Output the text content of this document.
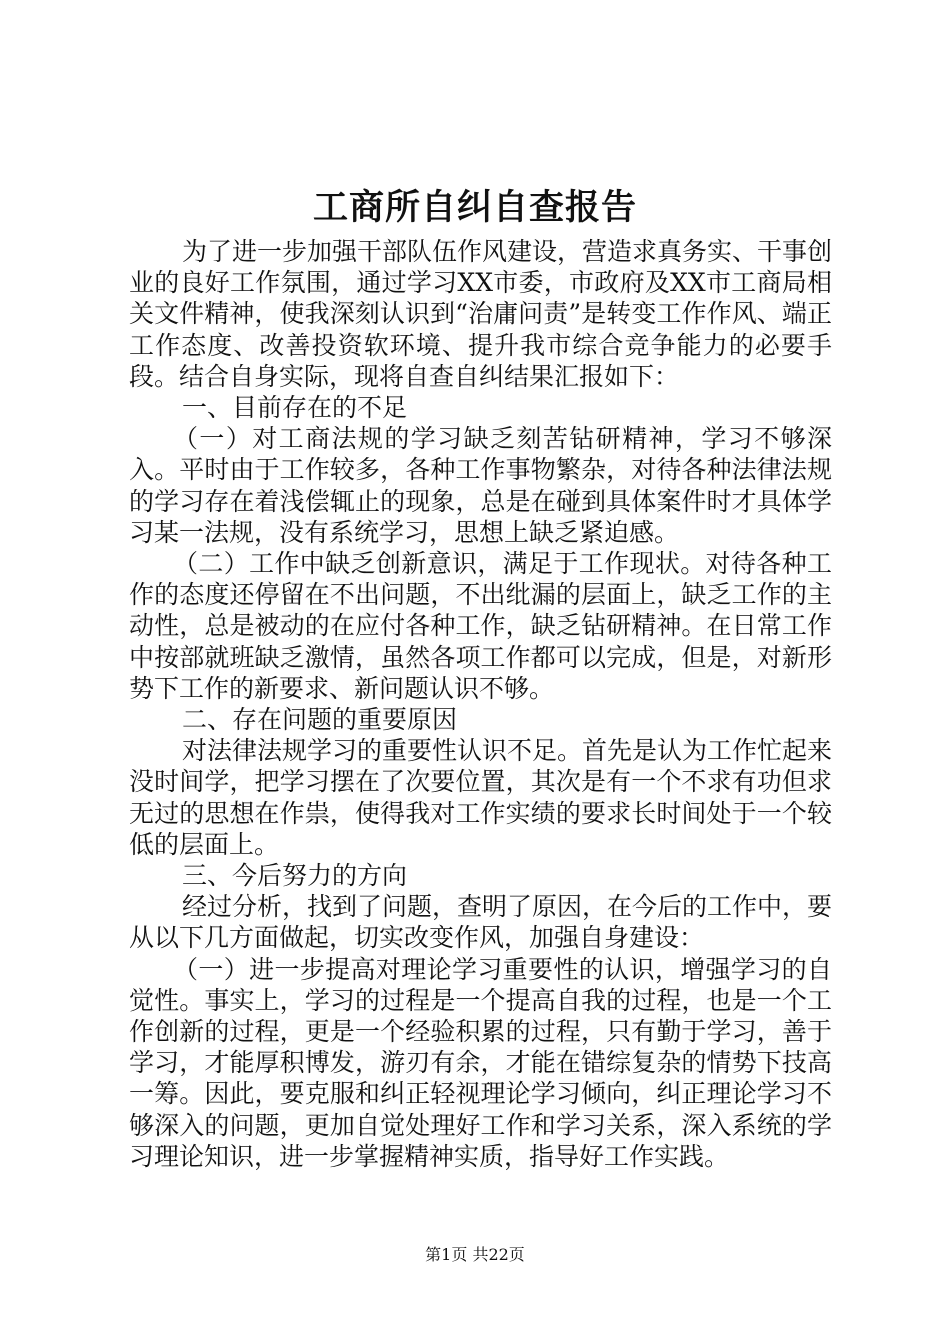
工商所自纠自查报告

为了进一步加强干部队伍作风建设，营造求真务实、干事创业的良好工作氛围，通过学习XX市委，市政府及XX市工商局相关文件精神，使我深刻认识到“治庸问责”是转变工作作风、端正工作态度、改善投资软环境、提升我市综合竞争能力的必要手段。结合自身实际，现将自查自纠结果汇报如下：

一、目前存在的不足

（一）对工商法规的学习缺乏刻苦钻研精神，学习不够深入。平时由于工作较多，各种工作事物繁杂，对待各种法律法规的学习存在着浅偿辄止的现象，总是在碰到具体案件时才具体学习某一法规，没有系统学习，思想上缺乏紧迫感。

（二）工作中缺乏创新意识，满足于工作现状。对待各种工作的态度还停留在不出问题，不出纰漏的层面上，缺乏工作的主动性，总是被动的在应付各种工作，缺乏钻研精神。在日常工作中按部就班缺乏激情，虽然各项工作都可以完成，但是，对新形势下工作的新要求、新问题认识不够。

二、存在问题的重要原因

对法律法规学习的重要性认识不足。首先是认为工作忙起来没时间学，把学习摆在了次要位置，其次是有一个不求有功但求无过的思想在作祟，使得我对工作实绩的要求长时间处于一个较低的层面上。

三、今后努力的方向

经过分析，找到了问题，查明了原因，在今后的工作中，要从以下几方面做起，切实改变作风，加强自身建设：

（一）进一步提高对理论学习重要性的认识，增强学习的自觉性。事实上，学习的过程是一个提高自我的过程，也是一个工作创新的过程，更是一个经验积累的过程，只有勤于学习，善于学习，才能厚积博发，游刃有余，才能在错综复杂的情势下技高一筹。因此，要克服和纠正轻视理论学习倾向，纠正理论学习不够深入的问题，更加自觉处理好工作和学习关系，深入系统的学习理论知识，进一步掌握精神实质，指导好工作实践。

第1页 共22页
